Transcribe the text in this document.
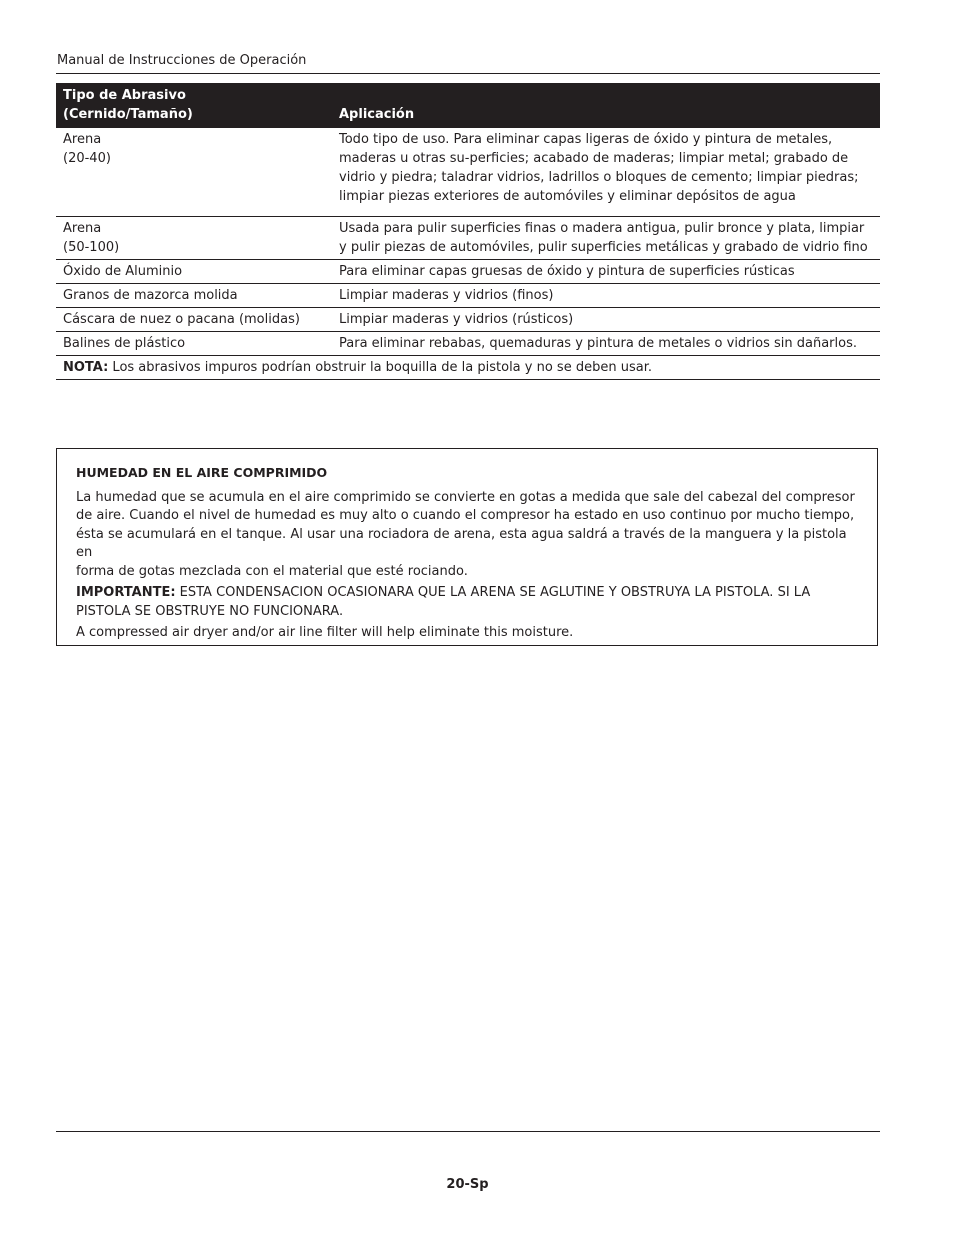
Manual de Instrucciones de Operación
Tipo de Abrasivo
(Cernido/Tamaño)	Aplicación

Arena
(20-40)	Todo tipo de uso. Para eliminar capas ligeras de óxido y pintura de metales,
maderas u otras su-perficies; acabado de maderas; limpiar metal; grabado de
vidrio y piedra; taladrar vidrios, ladrillos o bloques de cemento; limpiar piedras;
limpiar piezas exteriores de automóviles y eliminar depósitos de agua

Arena
(50-100)	Usada para pulir superficies finas o madera antigua, pulir bronce y plata, limpiar
y pulir piezas de automóviles, pulir superficies metálicas y grabado de vidrio fino

Óxido de Aluminio	Para eliminar capas gruesas de óxido y pintura de superficies rústicas
Granos de mazorca molida	Limpiar maderas y vidrios (finos)
Cáscara de nuez o pacana (molidas)	Limpiar maderas y vidrios (rústicos)
Balines de plástico	Para eliminar rebabas, quemaduras y pintura de metales o vidrios sin dañarlos.
NOTA: Los abrasivos impuros podrían obstruir la boquilla de la pistola y no se deben usar.	
HUMEDAD EN EL AIRE COMPRIMIDO

La humedad que se acumula en el aire comprimido se convierte en gotas a medida que sale del cabezal del compresor
de aire. Cuando el nivel de humedad es muy alto o cuando el compresor ha estado en uso continuo por mucho tiempo,
ésta se acumulará en el tanque. Al usar una rociadora de arena, esta agua saldrá a través de la manguera y la pistola en
forma de gotas mezclada con el material que esté rociando.

IMPORTANTE: ESTA CONDENSACION OCASIONARA QUE LA ARENA SE AGLUTINE Y OBSTRUYA LA PISTOLA. SI LA
PISTOLA SE OBSTRUYE NO FUNCIONARA.

A compressed air dryer and/or air line filter will help eliminate this moisture.

20-Sp
